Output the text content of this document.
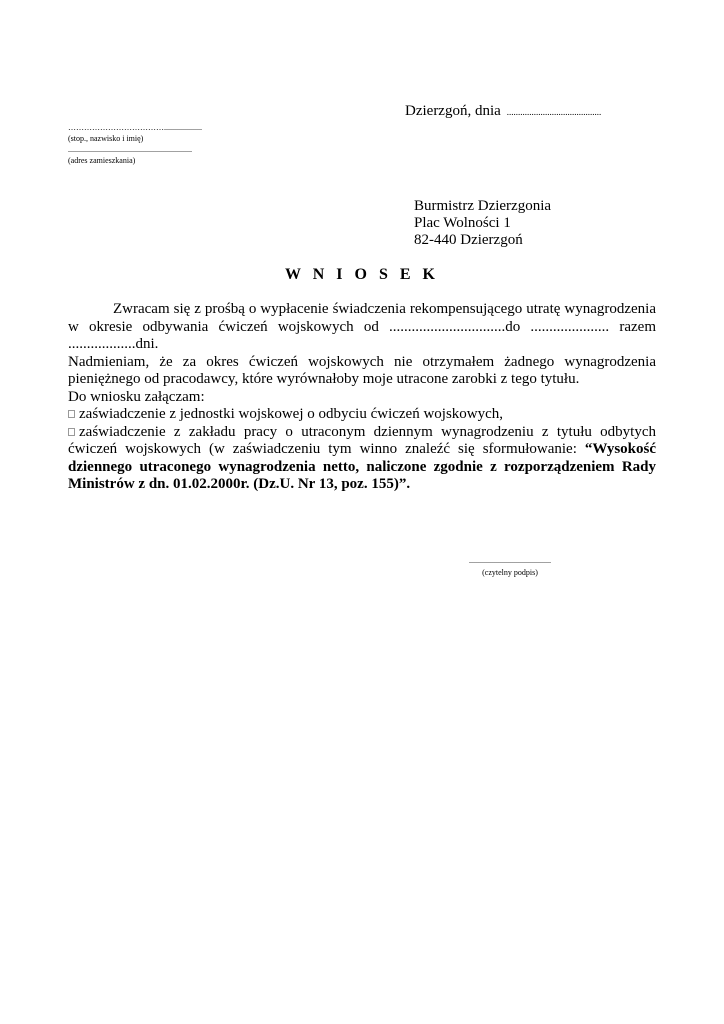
Dzierzgoń, dnia ..........................................
………………………………...................
(stop., nazwisko i imię)
..............................................................
(adres zamieszkania)
Burmistrz Dzierzgonia
Plac Wolności 1
82-440 Dzierzgoń
W N I O S E K

Zwracam się z prośbą o wypłacenie świadczenia rekompensującego utratę wynagrodzenia w okresie odbywania ćwiczeń wojskowych od ...............................do ..................... razem ..................dni.

Nadmieniam, że za okres ćwiczeń wojskowych nie otrzymałem żadnego wynagrodzenia pieniężnego od pracodawcy, które wyrównałoby moje utracone zarobki z tego tytułu.

Do wniosku załączam:

zaświadczenie z jednostki wojskowej o odbyciu ćwiczeń wojskowych,

zaświadczenie z zakładu pracy o utraconym dziennym wynagrodzeniu z tytułu odbytych ćwiczeń wojskowych (w zaświadczeniu tym winno znaleźć się sformułowanie: “Wysokość dziennego utraconego wynagrodzenia netto, naliczone zgodnie z rozporządzeniem Rady Ministrów z dn. 01.02.2000r. (Dz.U. Nr 13, poz. 155)”.

.........................................
(czytelny podpis)
